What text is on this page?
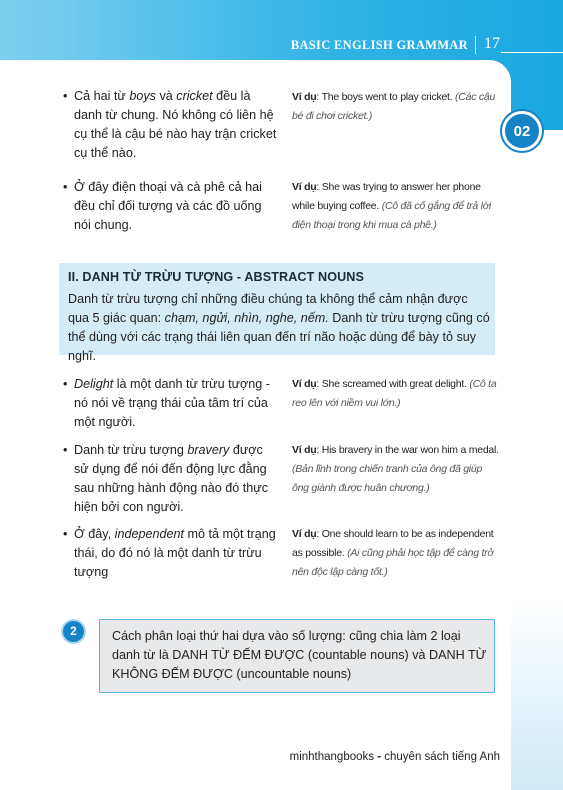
BASIC ENGLISH GRAMMAR 17
02
• Cả hai từ boys và cricket đều là danh từ chung. Nó không có liên hệ cụ thể là cậu bé nào hay trận cricket cụ thể nào.
Ví dụ: The boys went to play cricket. (Các cậu bé đi chơi cricket.)
• Ở đây điện thoại và cà phê cả hai đều chỉ đối tượng và các đồ uống nói chung.
Ví dụ: She was trying to answer her phone while buying coffee. (Cô đã cố gắng để trả lời điện thoại trong khi mua cà phê.)
II. DANH TỪ TRỪU TƯỢNG - ABSTRACT NOUNS
Danh từ trừu tượng chỉ những điều chúng ta không thể cảm nhận được qua 5 giác quan: chạm, ngửi, nhìn, nghe, nếm. Danh từ trừu tượng cũng có thể dùng với các trạng thái liên quan đến trí não hoặc dùng để bày tỏ suy nghĩ.
• Delight là một danh từ trừu tượng - nó nói về trạng thái của tâm trí của một người.
Ví dụ: She screamed with great delight. (Cô ta reo lên với niềm vui lớn.)
• Danh từ trừu tượng bravery được sử dụng để nói đến động lực đằng sau những hành động nào đó thực hiện bởi con người.
Ví dụ: His bravery in the war won him a medal. (Bản lĩnh trong chiến tranh của ông đã giúp ông giành được huân chương.)
• Ở đây, independent mô tả một trạng thái, do đó nó là một danh từ trừu tượng
Ví dụ: One should learn to be as independent as possible. (Ai cũng phải học tập để càng trở nên độc lập càng tốt.)
2	Cách phân loại thứ hai dựa vào số lượng: cũng chia làm 2 loại danh từ là DANH TỪ ĐẾM ĐƯỢC (countable nouns) và DANH TỪ KHÔNG ĐẾM ĐƯỢC (uncountable nouns)
minhthangbooks - chuyên sách tiếng Anh
